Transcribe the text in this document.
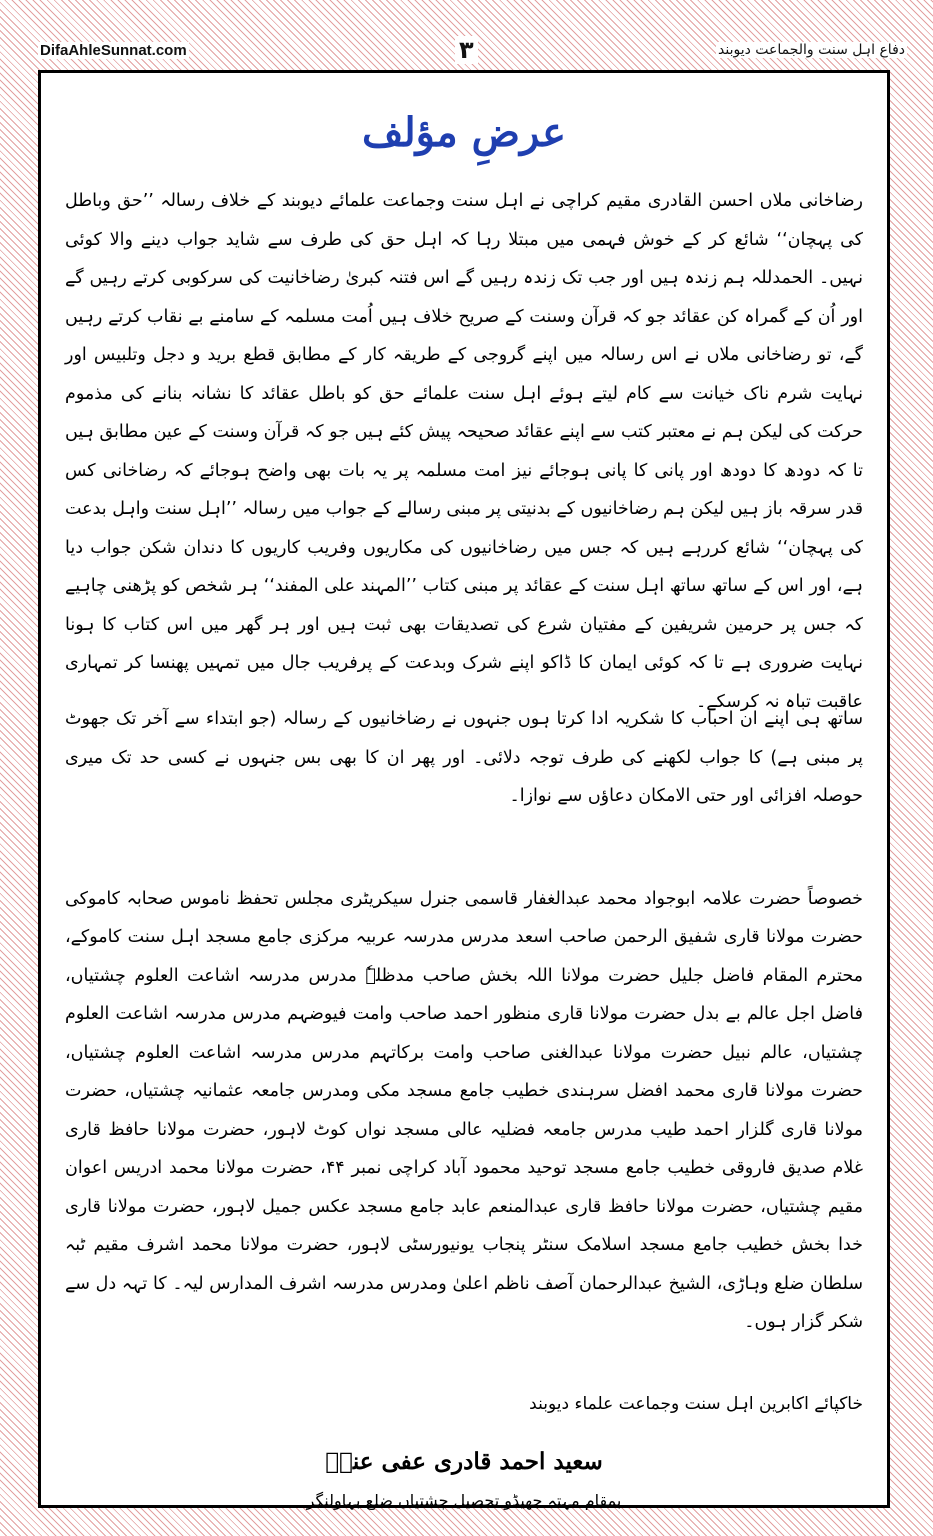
DifaAhleSunnat.com	۳	دفاع اہل سنت والجماعت دیوبند
عرضِ مؤلف

رضاخانی ملاں احسن القادری مقیم کراچی نے اہل سنت وجماعت علمائے دیوبند کے خلاف رسالہ ’’حق وباطل کی پہچان‘‘ شائع کر کے خوش فہمی میں مبتلا رہا کہ اہل حق کی طرف سے شاید جواب دینے والا کوئی نہیں۔ الحمدللہ ہم زندہ ہیں اور جب تک زندہ رہیں گے اس فتنہ کبریٰ رضاخانیت کی سرکوبی کرتے رہیں گے اور اُن کے گمراہ کن عقائد جو کہ قرآن وسنت کے صریح خلاف ہیں اُمت مسلمہ کے سامنے بے نقاب کرتے رہیں گے، تو رضاخانی ملاں نے اس رسالہ میں اپنے گروجی کے طریقہ کار کے مطابق قطع برید و دجل وتلبیس اور نہایت شرم ناک خیانت سے کام لیتے ہوئے اہل سنت علمائے حق کو باطل عقائد کا نشانہ بنانے کی مذموم حرکت کی لیکن ہم نے معتبر کتب سے اپنے عقائد صحیحہ پیش کئے ہیں جو کہ قرآن وسنت کے عین مطابق ہیں تا کہ دودھ کا دودھ اور پانی کا پانی ہوجائے نیز امت مسلمہ پر یہ بات بھی واضح ہوجائے کہ رضاخانی کس قدر سرقہ باز ہیں لیکن ہم رضاخانیوں کے بدنیتی پر مبنی رسالے کے جواب میں رسالہ ’’اہل سنت واہل بدعت کی پہچان‘‘ شائع کررہے ہیں کہ جس میں رضاخانیوں کی مکاریوں وفریب کاریوں کا دندان شکن جواب دیا ہے، اور اس کے ساتھ ساتھ اہل سنت کے عقائد پر مبنی کتاب ’’المہند علی المفند‘‘ ہر شخص کو پڑھنی چاہیے کہ جس پر حرمین شریفین کے مفتیان شرع کی تصدیقات بھی ثبت ہیں اور ہر گھر میں اس کتاب کا ہونا نہایت ضروری ہے تا کہ کوئی ایمان کا ڈاکو اپنے شرک وبدعت کے پرفریب جال میں تمہیں پھنسا کر تمہاری عاقبت تباہ نہ کرسکے۔

ساتھ ہی اپنے ان احباب کا شکریہ ادا کرتا ہوں جنہوں نے رضاخانیوں کے رسالہ (جو ابتداء سے آخر تک جھوٹ پر مبنی ہے) کا جواب لکھنے کی طرف توجہ دلائی۔ اور پھر ان کا بھی بس جنہوں نے کسی حد تک میری حوصلہ افزائی اور حتی الامکان دعاؤں سے نوازا۔

خصوصاً حضرت علامہ ابوجواد محمد عبدالغفار قاسمی جنرل سیکریٹری مجلس تحفظ ناموس صحابہ کاموکی حضرت مولانا قاری شفیق الرحمن صاحب اسعد مدرس مدرسہ عربیہ مرکزی جامع مسجد اہل سنت کاموکے، محترم المقام فاضل جلیل حضرت مولانا اللہ بخش صاحب مدظلہٗ مدرس مدرسہ اشاعت العلوم چشتیاں، فاضل اجل عالم بے بدل حضرت مولانا قاری منظور احمد صاحب وامت فیوضہم مدرس مدرسہ اشاعت العلوم چشتیاں، عالم نبیل حضرت مولانا عبدالغنی صاحب وامت برکاتہم مدرس مدرسہ اشاعت العلوم چشتیاں، حضرت مولانا قاری محمد افضل سرہندی خطیب جامع مسجد مکی ومدرس جامعہ عثمانیہ چشتیاں، حضرت مولانا قاری گلزار احمد طیب مدرس جامعہ فضلیہ عالی مسجد نواں کوٹ لاہور، حضرت مولانا حافظ قاری غلام صدیق فاروقی خطیب جامع مسجد توحید محمود آباد کراچی نمبر ۴۴، حضرت مولانا محمد ادریس اعوان مقیم چشتیاں، حضرت مولانا حافظ قاری عبدالمنعم عابد جامع مسجد عکس جمیل لاہور، حضرت مولانا قاری خدا بخش خطیب جامع مسجد اسلامک سنٹر پنجاب یونیورسٹی لاہور، حضرت مولانا محمد اشرف مقیم ٹبہ سلطان ضلع وہاڑی، الشیخ عبدالرحمان آصف ناظم اعلیٰ ومدرس مدرسہ اشرف المدارس لیہ۔ کا تہہ دل سے شکر گزار ہوں۔

خاکپائے اکابرین اہل سنت وجماعت علماء دیوبند
سعید احمد قادری عفی عنہٗ
بمقام مہتہ جھیڈو تحصیل چشتیاں ضلع بہاولنگر
